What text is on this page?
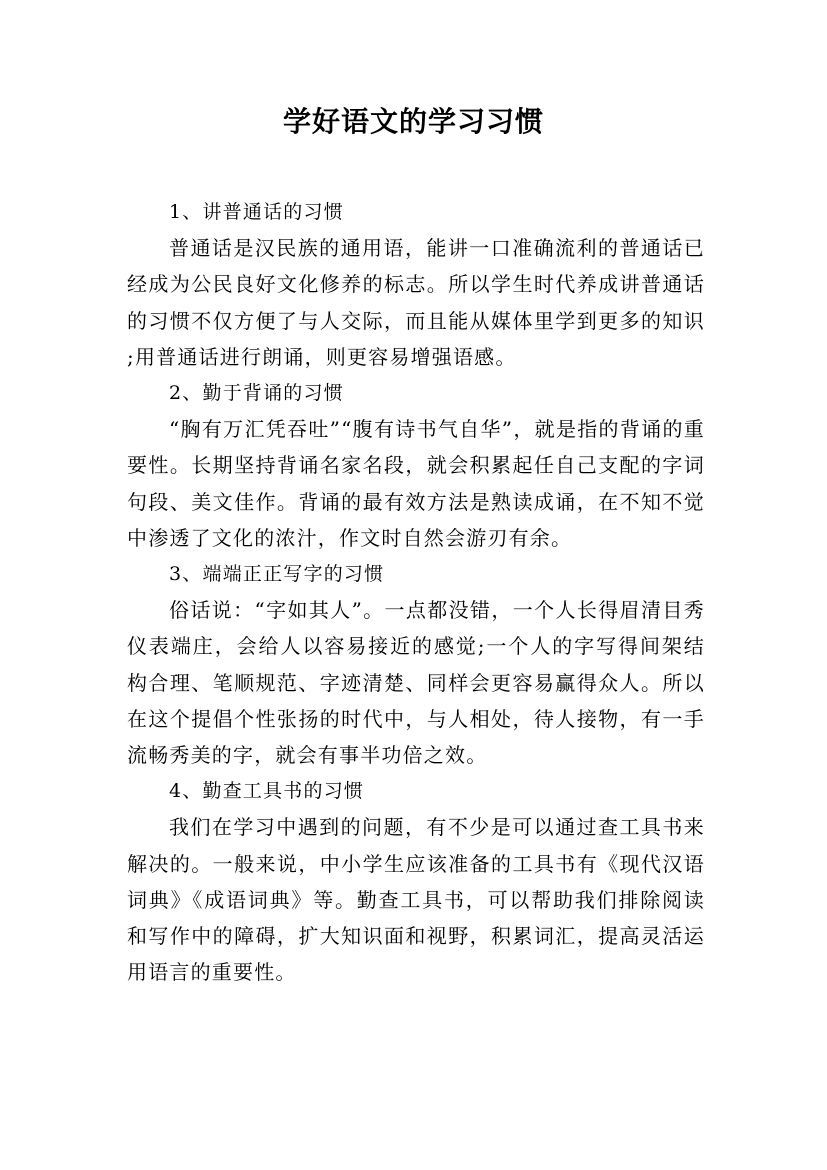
学好语文的学习习惯

1、讲普通话的习惯

普通话是汉民族的通用语，能讲一口准确流利的普通话已经成为公民良好文化修养的标志。所以学生时代养成讲普通话的习惯不仅方便了与人交际，而且能从媒体里学到更多的知识;用普通话进行朗诵，则更容易增强语感。

2、勤于背诵的习惯

“胸有万汇凭吞吐”“腹有诗书气自华”，就是指的背诵的重要性。长期坚持背诵名家名段，就会积累起任自己支配的字词句段、美文佳作。背诵的最有效方法是熟读成诵，在不知不觉中渗透了文化的浓汁，作文时自然会游刃有余。

3、端端正正写字的习惯

俗话说：“字如其人”。一点都没错，一个人长得眉清目秀仪表端庄，会给人以容易接近的感觉;一个人的字写得间架结构合理、笔顺规范、字迹清楚、同样会更容易赢得众人。所以在这个提倡个性张扬的时代中，与人相处，待人接物，有一手流畅秀美的字，就会有事半功倍之效。

4、勤查工具书的习惯

我们在学习中遇到的问题，有不少是可以通过查工具书来解决的。一般来说，中小学生应该准备的工具书有《现代汉语词典》《成语词典》等。勤查工具书，可以帮助我们排除阅读和写作中的障碍，扩大知识面和视野，积累词汇，提高灵活运用语言的重要性。
